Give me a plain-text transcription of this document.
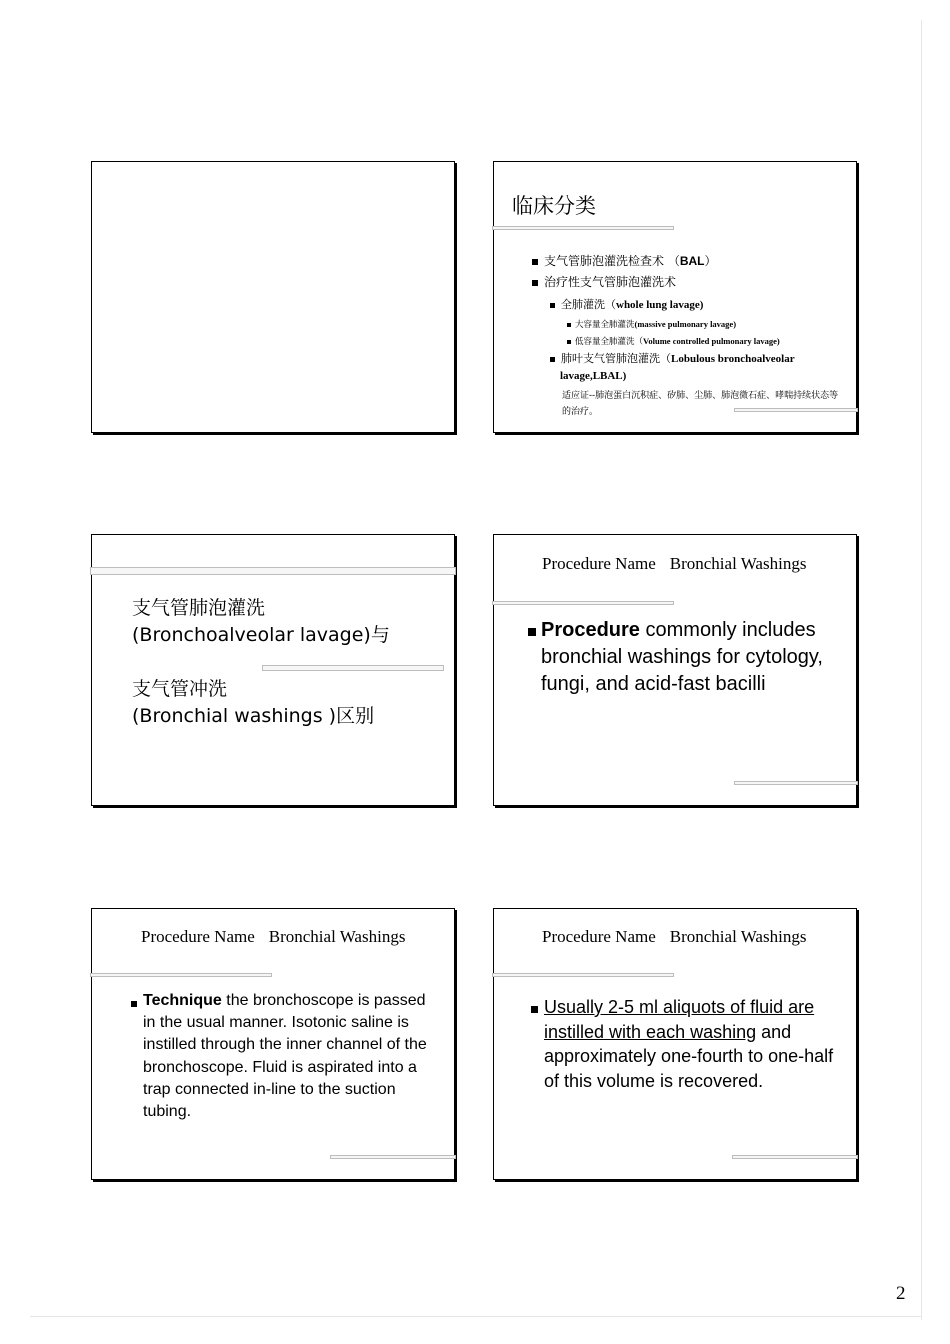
临床分类
支气管肺泡灌洗检查术 （BAL）
治疗性支气管肺泡灌洗术
全肺灌洗（whole lung lavage)
大容量全肺灌洗(massive pulmonary lavage)
低容量全肺灌洗（Volume controlled pulmonary lavage)
肺叶支气管肺泡灌洗（Lobulous bronchoalveolar
lavage,LBAL)
适应证--肺泡蛋白沉积症、矽肺、尘肺、肺泡微石症、哮喘持续状态等的治疗。
支气管肺泡灌洗
(Bronchoalveolar lavage)与
支气管冲洗
(Bronchial washings )区别
Procedure Name Bronchial Washings
Procedure commonly includes bronchial washings for cytology, fungi, and acid-fast bacilli
Procedure Name Bronchial Washings
Technique the bronchoscope is passed in the usual manner. Isotonic saline is instilled through the inner channel of the bronchoscope. Fluid is aspirated into a trap connected in-line to the suction tubing.
Procedure Name Bronchial Washings
Usually 2-5 ml aliquots of fluid are instilled with each washing and approximately one-fourth to one-half of this volume is recovered.
2
